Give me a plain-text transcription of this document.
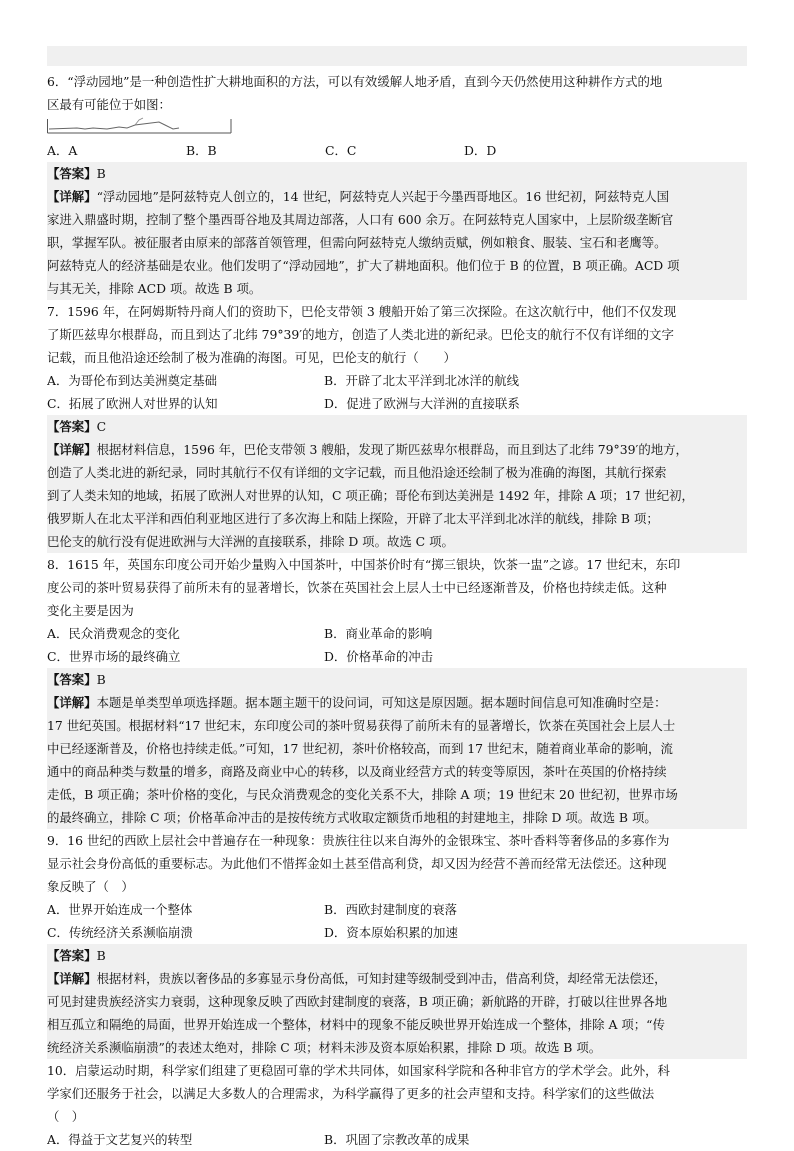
6．“浮动园地”是一种创造性扩大耕地面积的方法，可以有效缓解人地矛盾，直到今天仍然使用这种耕作方式的地
区最有可能位于如图：
A．A	B．B	C．C	D．D
【答案】B
【详解】“浮动园地”是阿兹特克人创立的，14 世纪，阿兹特克人兴起于今墨西哥地区。16 世纪初，阿兹特克人国
家进入鼎盛时期，控制了整个墨西哥谷地及其周边部落，人口有 600 余万。在阿兹特克人国家中，上层阶级垄断官
职，掌握军队。被征服者由原来的部落首领管理，但需向阿兹特克人缴纳贡赋，例如粮食、服装、宝石和老鹰等。
阿兹特克人的经济基础是农业。他们发明了“浮动园地”，扩大了耕地面积。他们位于 B 的位置，B 项正确。ACD 项
与其无关，排除 ACD 项。故选 B 项。
7．1596 年，在阿姆斯特丹商人们的资助下，巴伦支带领 3 艘船开始了第三次探险。在这次航行中，他们不仅发现
了斯匹兹卑尔根群岛，而且到达了北纬 79°39′的地方，创造了人类北进的新纪录。巴伦支的航行不仅有详细的文字
记载，而且他沿途还绘制了极为准确的海图。可见，巴伦支的航行（　　）
A．为哥伦布到达美洲奠定基础	B．开辟了北太平洋到北冰洋的航线
C．拓展了欧洲人对世界的认知	D．促进了欧洲与大洋洲的直接联系
【答案】C
【详解】根据材料信息，1596 年，巴伦支带领 3 艘船，发现了斯匹兹卑尔根群岛，而且到达了北纬 79°39′的地方，
创造了人类北进的新纪录，同时其航行不仅有详细的文字记载，而且他沿途还绘制了极为准确的海图，其航行探索
到了人类未知的地域，拓展了欧洲人对世界的认知，C 项正确；哥伦布到达美洲是 1492 年，排除 A 项；17 世纪初，
俄罗斯人在北太平洋和西伯利亚地区进行了多次海上和陆上探险，开辟了北太平洋到北冰洋的航线，排除 B 项；
巴伦支的航行没有促进欧洲与大洋洲的直接联系，排除 D 项。故选 C 项。
8．1615 年，英国东印度公司开始少量购入中国茶叶，中国茶价时有“掷三银块，饮茶一盅”之谚。17 世纪末，东印
度公司的茶叶贸易获得了前所未有的显著增长，饮茶在英国社会上层人士中已经逐渐普及，价格也持续走低。这种
变化主要是因为
A．民众消费观念的变化	B．商业革命的影响
C．世界市场的最终确立	D．价格革命的冲击
【答案】B
【详解】本题是单类型单项选择题。据本题主题干的设问词，可知这是原因题。据本题时间信息可知准确时空是：
17 世纪英国。根据材料“17 世纪末，东印度公司的茶叶贸易获得了前所未有的显著增长，饮茶在英国社会上层人士
中已经逐渐普及，价格也持续走低。”可知，17 世纪初，茶叶价格较高，而到 17 世纪末，随着商业革命的影响，流
通中的商品种类与数量的增多，商路及商业中心的转移，以及商业经营方式的转变等原因，茶叶在英国的价格持续
走低，B 项正确；茶叶价格的变化，与民众消费观念的变化关系不大，排除 A 项；19 世纪末 20 世纪初，世界市场
的最终确立，排除 C 项；价格革命冲击的是按传统方式收取定额货币地租的封建地主，排除 D 项。故选 B 项。
9．16 世纪的西欧上层社会中普遍存在一种现象：贵族往往以来自海外的金银珠宝、茶叶香料等奢侈品的多寡作为
显示社会身份高低的重要标志。为此他们不惜挥金如土甚至借高利贷，却又因为经营不善而经常无法偿还。这种现
象反映了（　）
A．世界开始连成一个整体	B．西欧封建制度的衰落
C．传统经济关系濒临崩溃	D．资本原始积累的加速
【答案】B
【详解】根据材料，贵族以奢侈品的多寡显示身份高低，可知封建等级制受到冲击，借高利贷，却经常无法偿还，
可见封建贵族经济实力衰弱，这种现象反映了西欧封建制度的衰落，B 项正确；新航路的开辟，打破以往世界各地
相互孤立和隔绝的局面，世界开始连成一个整体，材料中的现象不能反映世界开始连成一个整体，排除 A 项；“传
统经济关系濒临崩溃”的表述太绝对，排除 C 项；材料未涉及资本原始积累，排除 D 项。故选 B 项。
10．启蒙运动时期，科学家们组建了更稳固可靠的学术共同体，如国家科学院和各种非官方的学术学会。此外，科
学家们还服务于社会，以满足大多数人的合理需求，为科学赢得了更多的社会声望和支持。科学家们的这些做法
（　）
A．得益于文艺复兴的转型	B．巩固了宗教改革的成果
